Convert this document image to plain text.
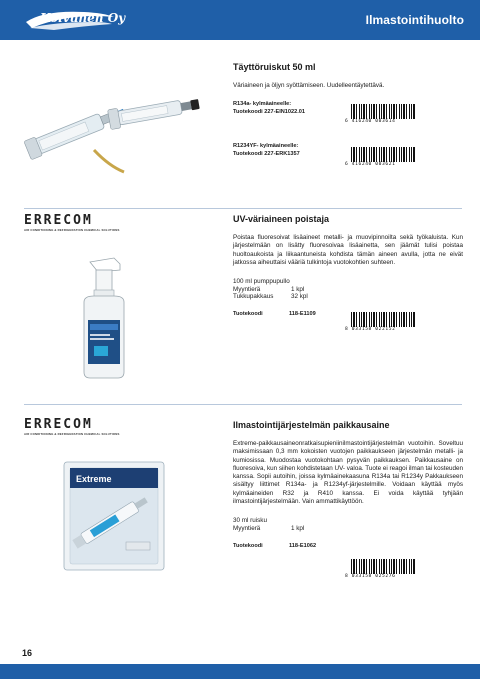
Koivunen Oy	Ilmastointihuolto
Täyttöruiskut 50 ml
Väriaineen ja öljyn syöttämiseen. Uudelleentäytettävä.
R134a- kylmäaineelle:
Tuotekoodi 227-EIN1022.01
6 416240 003614
R1234YF- kylmäaineelle:
Tuotekoodi 227-ERK1357
6 416240 003621
ERRECOM
AIR CONDITIONING & REFRIGERATION CHEMICAL SOLUTIONS
UV-väriaineen poistaja
Poistaa fluoresoivat lisäaineet metalli- ja muovipinnoilta sekä työkaluista. Kun järjestelmään on lisätty fluoresoivaa lisäainetta, sen jäämät tulisi poistaa huoltoaukoista ja liikaantuneista kohdista tämän aineen avulla, jotta ne eivät jatkossa aiheuttaisi vääriä tulkintoja vuotokohtien suhteen.
100 ml pumppupullo
Myyntierä	1 kpl
Tukkupakkaus	32 kpl
Tuotekoodi	118-E1109
8 033158 022152
ERRECOM
AIR CONDITIONING & REFRIGERATION CHEMICAL SOLUTIONS
Extreme
Ilmastointijärjestelmän paikkausaine
Extreme-paikkausaineonratkaisupieniinilmastointijärjestelmän vuotoihin. Soveltuu maksimissaan 0,3 mm kokoisten vuotojen paikkaukseen järjestelmän metalli- ja kumiosissa. Muodostaa vuotokohtaan pysyvän paikkauksen. Paikkausaine on fluoresoiva, kun siihen kohdistetaan UV- valoa. Tuote ei reagoi ilman tai kosteuden kanssa. Sopii autoihin, joissa kylmäainekaasuna R134a tai R1234y Pakkaukseen sisältyy liittimet R134a- ja R1234yf-järjestelmille. Voidaan käyttää myös kylmäaineiden R32 ja R410 kanssa. Ei voida käyttää tyhjään ilmastointijärjestelmään. Vain ammattikäyttöön.
30 ml ruisku
Myyntierä	1 kpl
Tuotekoodi	118-E1062
8 033158 025276
16
